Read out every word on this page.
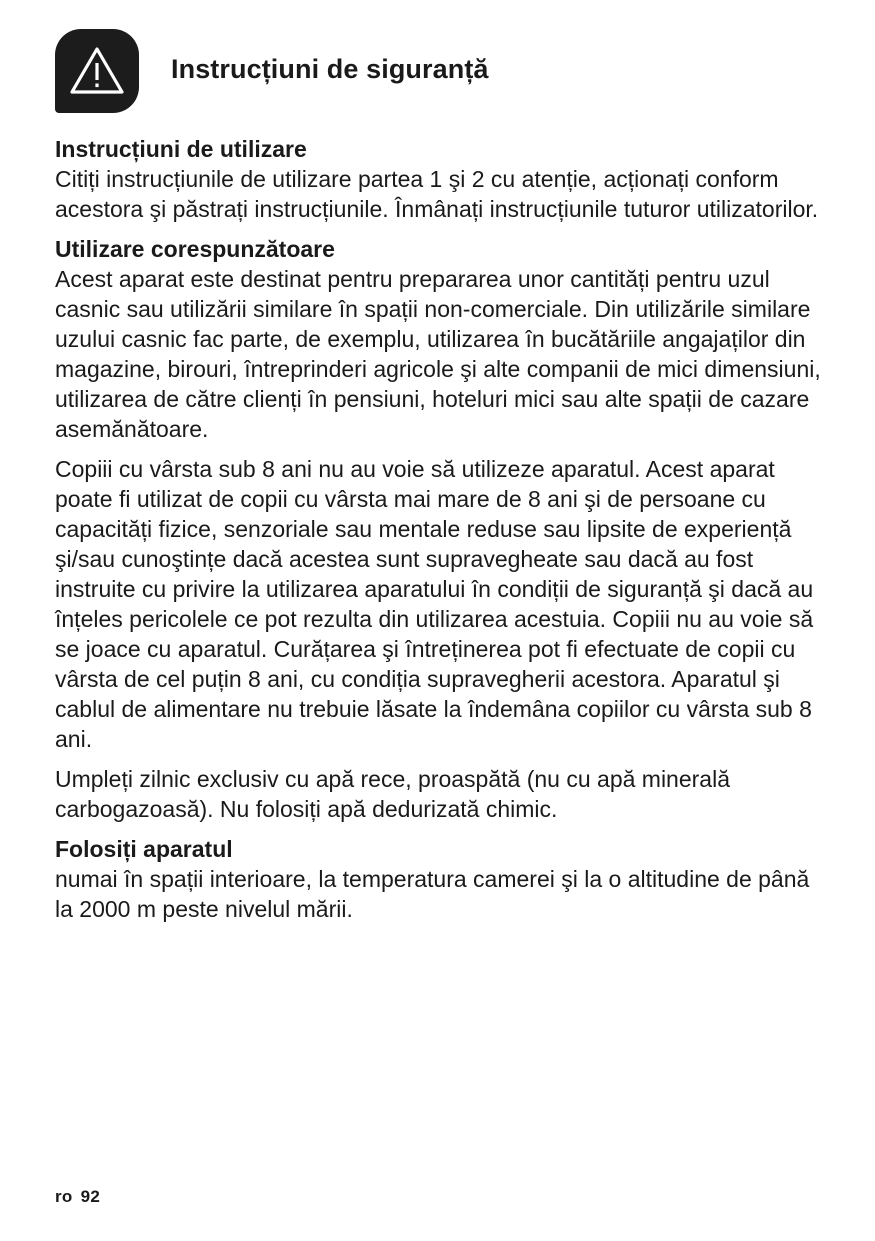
Instrucțiuni de siguranță
Instrucțiuni de utilizare
Citiți instrucțiunile de utilizare partea 1 şi 2 cu atenție, acționați conform acestora şi păstrați instrucțiunile. Înmânați instrucțiunile tuturor utilizatorilor.
Utilizare corespunzătoare
Acest aparat este destinat pentru prepararea unor cantități pentru uzul casnic sau utilizării similare în spații non-comerciale. Din utilizările similare uzului casnic fac parte, de exemplu, utilizarea în bucătăriile angajaților din magazine, birouri, întreprinderi agricole şi alte companii de mici dimensiuni, utilizarea de către clienți în pensiuni, hoteluri mici sau alte spații de cazare asemănătoare.
Copiii cu vârsta sub 8 ani nu au voie să utilizeze aparatul. Acest aparat poate fi utilizat de copii cu vârsta mai mare de 8 ani şi de persoane cu capacități fizice, senzoriale sau mentale reduse sau lipsite de experiență şi/sau cunoştințe dacă acestea sunt supravegheate sau dacă au fost instruite cu privire la utilizarea aparatului în condiții de siguranță şi dacă au înțeles pericolele ce pot rezulta din utilizarea acestuia. Copiii nu au voie să se joace cu aparatul. Curățarea şi întreținerea pot fi efectuate de copii cu vârsta de cel puțin 8 ani, cu condiția supravegherii acestora. Aparatul şi cablul de alimentare nu trebuie lăsate la îndemâna copiilor cu vârsta sub 8 ani.
Umpleți zilnic exclusiv cu apă rece, proaspătă (nu cu apă minerală carbogazoasă). Nu folosiți apă dedurizată chimic.
Folosiți aparatul
numai în spații interioare, la temperatura camerei şi la o altitudine de până la 2000 m peste nivelul mării.
ro 92
